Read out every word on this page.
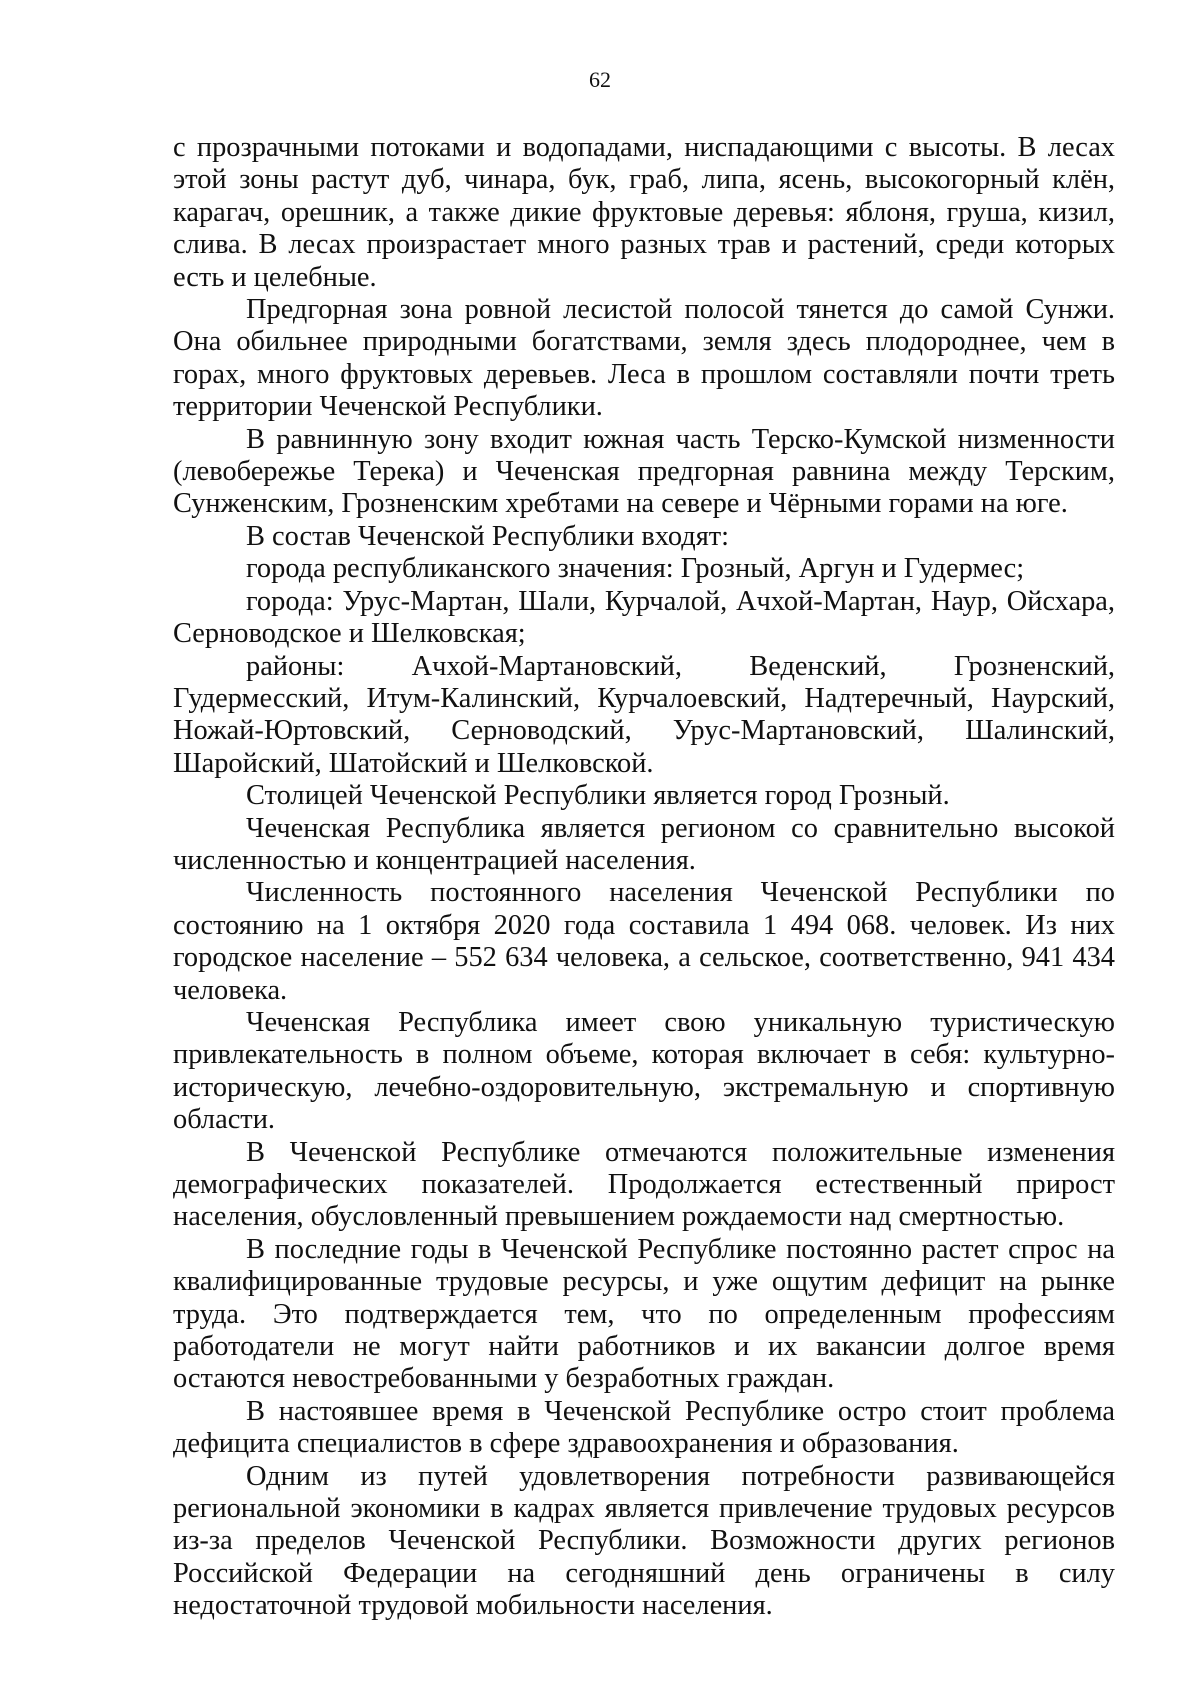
62

с прозрачными потоками и водопадами, ниспадающими с высоты. В лесах этой зоны растут дуб, чинара, бук, граб, липа, ясень, высокогорный клён, карагач, орешник, а также дикие фруктовые деревья: яблоня, груша, кизил, слива. В лесах произрастает много разных трав и растений, среди которых есть и целебные.

Предгорная зона ровной лесистой полосой тянется до самой Сунжи. Она обильнее природными богатствами, земля здесь плодороднее, чем в горах, много фруктовых деревьев. Леса в прошлом составляли почти треть территории Чеченской Республики.

В равнинную зону входит южная часть Терско-Кумской низменности (левобережье Терека) и Чеченская предгорная равнина между Терским, Сунженским, Грозненским хребтами на севере и Чёрными горами на юге.

В состав Чеченской Республики входят:

города республиканского значения: Грозный, Аргун и Гудермес;

города: Урус-Мартан, Шали, Курчалой, Ачхой-Мартан, Наур, Ойсхара, Серноводское и Шелковская;

районы: Ачхой-Мартановский, Веденский, Грозненский, Гудермесский, Итум-Калинский, Курчалоевский, Надтеречный, Наурский, Ножай-Юртовский, Серноводский, Урус-Мартановский, Шалинский, Шаройский, Шатойский и Шелковской.

Столицей Чеченской Республики является город Грозный.

Чеченская Республика является регионом со сравнительно высокой численностью и концентрацией населения.

Численность постоянного населения Чеченской Республики по состоянию на 1 октября 2020 года составила 1 494 068. человек. Из них городское население – 552 634 человека, а сельское, соответственно, 941 434 человека.

Чеченская Республика имеет свою уникальную туристическую привлекательность в полном объеме, которая включает в себя: культурно-историческую, лечебно-оздоровительную, экстремальную и спортивную области.

В Чеченской Республике отмечаются положительные изменения демографических показателей. Продолжается естественный прирост населения, обусловленный превышением рождаемости над смертностью.

В последние годы в Чеченской Республике постоянно растет спрос на квалифицированные трудовые ресурсы, и уже ощутим дефицит на рынке труда. Это подтверждается тем, что по определенным профессиям работодатели не могут найти работников и их вакансии долгое время остаются невостребованными у безработных граждан.

В настоявшее время в Чеченской Республике остро стоит проблема дефицита специалистов в сфере здравоохранения и образования.

Одним из путей удовлетворения потребности развивающейся региональной экономики в кадрах является привлечение трудовых ресурсов из-за пределов Чеченской Республики. Возможности других регионов Российской Федерации на сегодняшний день ограничены в силу недостаточной трудовой мобильности населения.
